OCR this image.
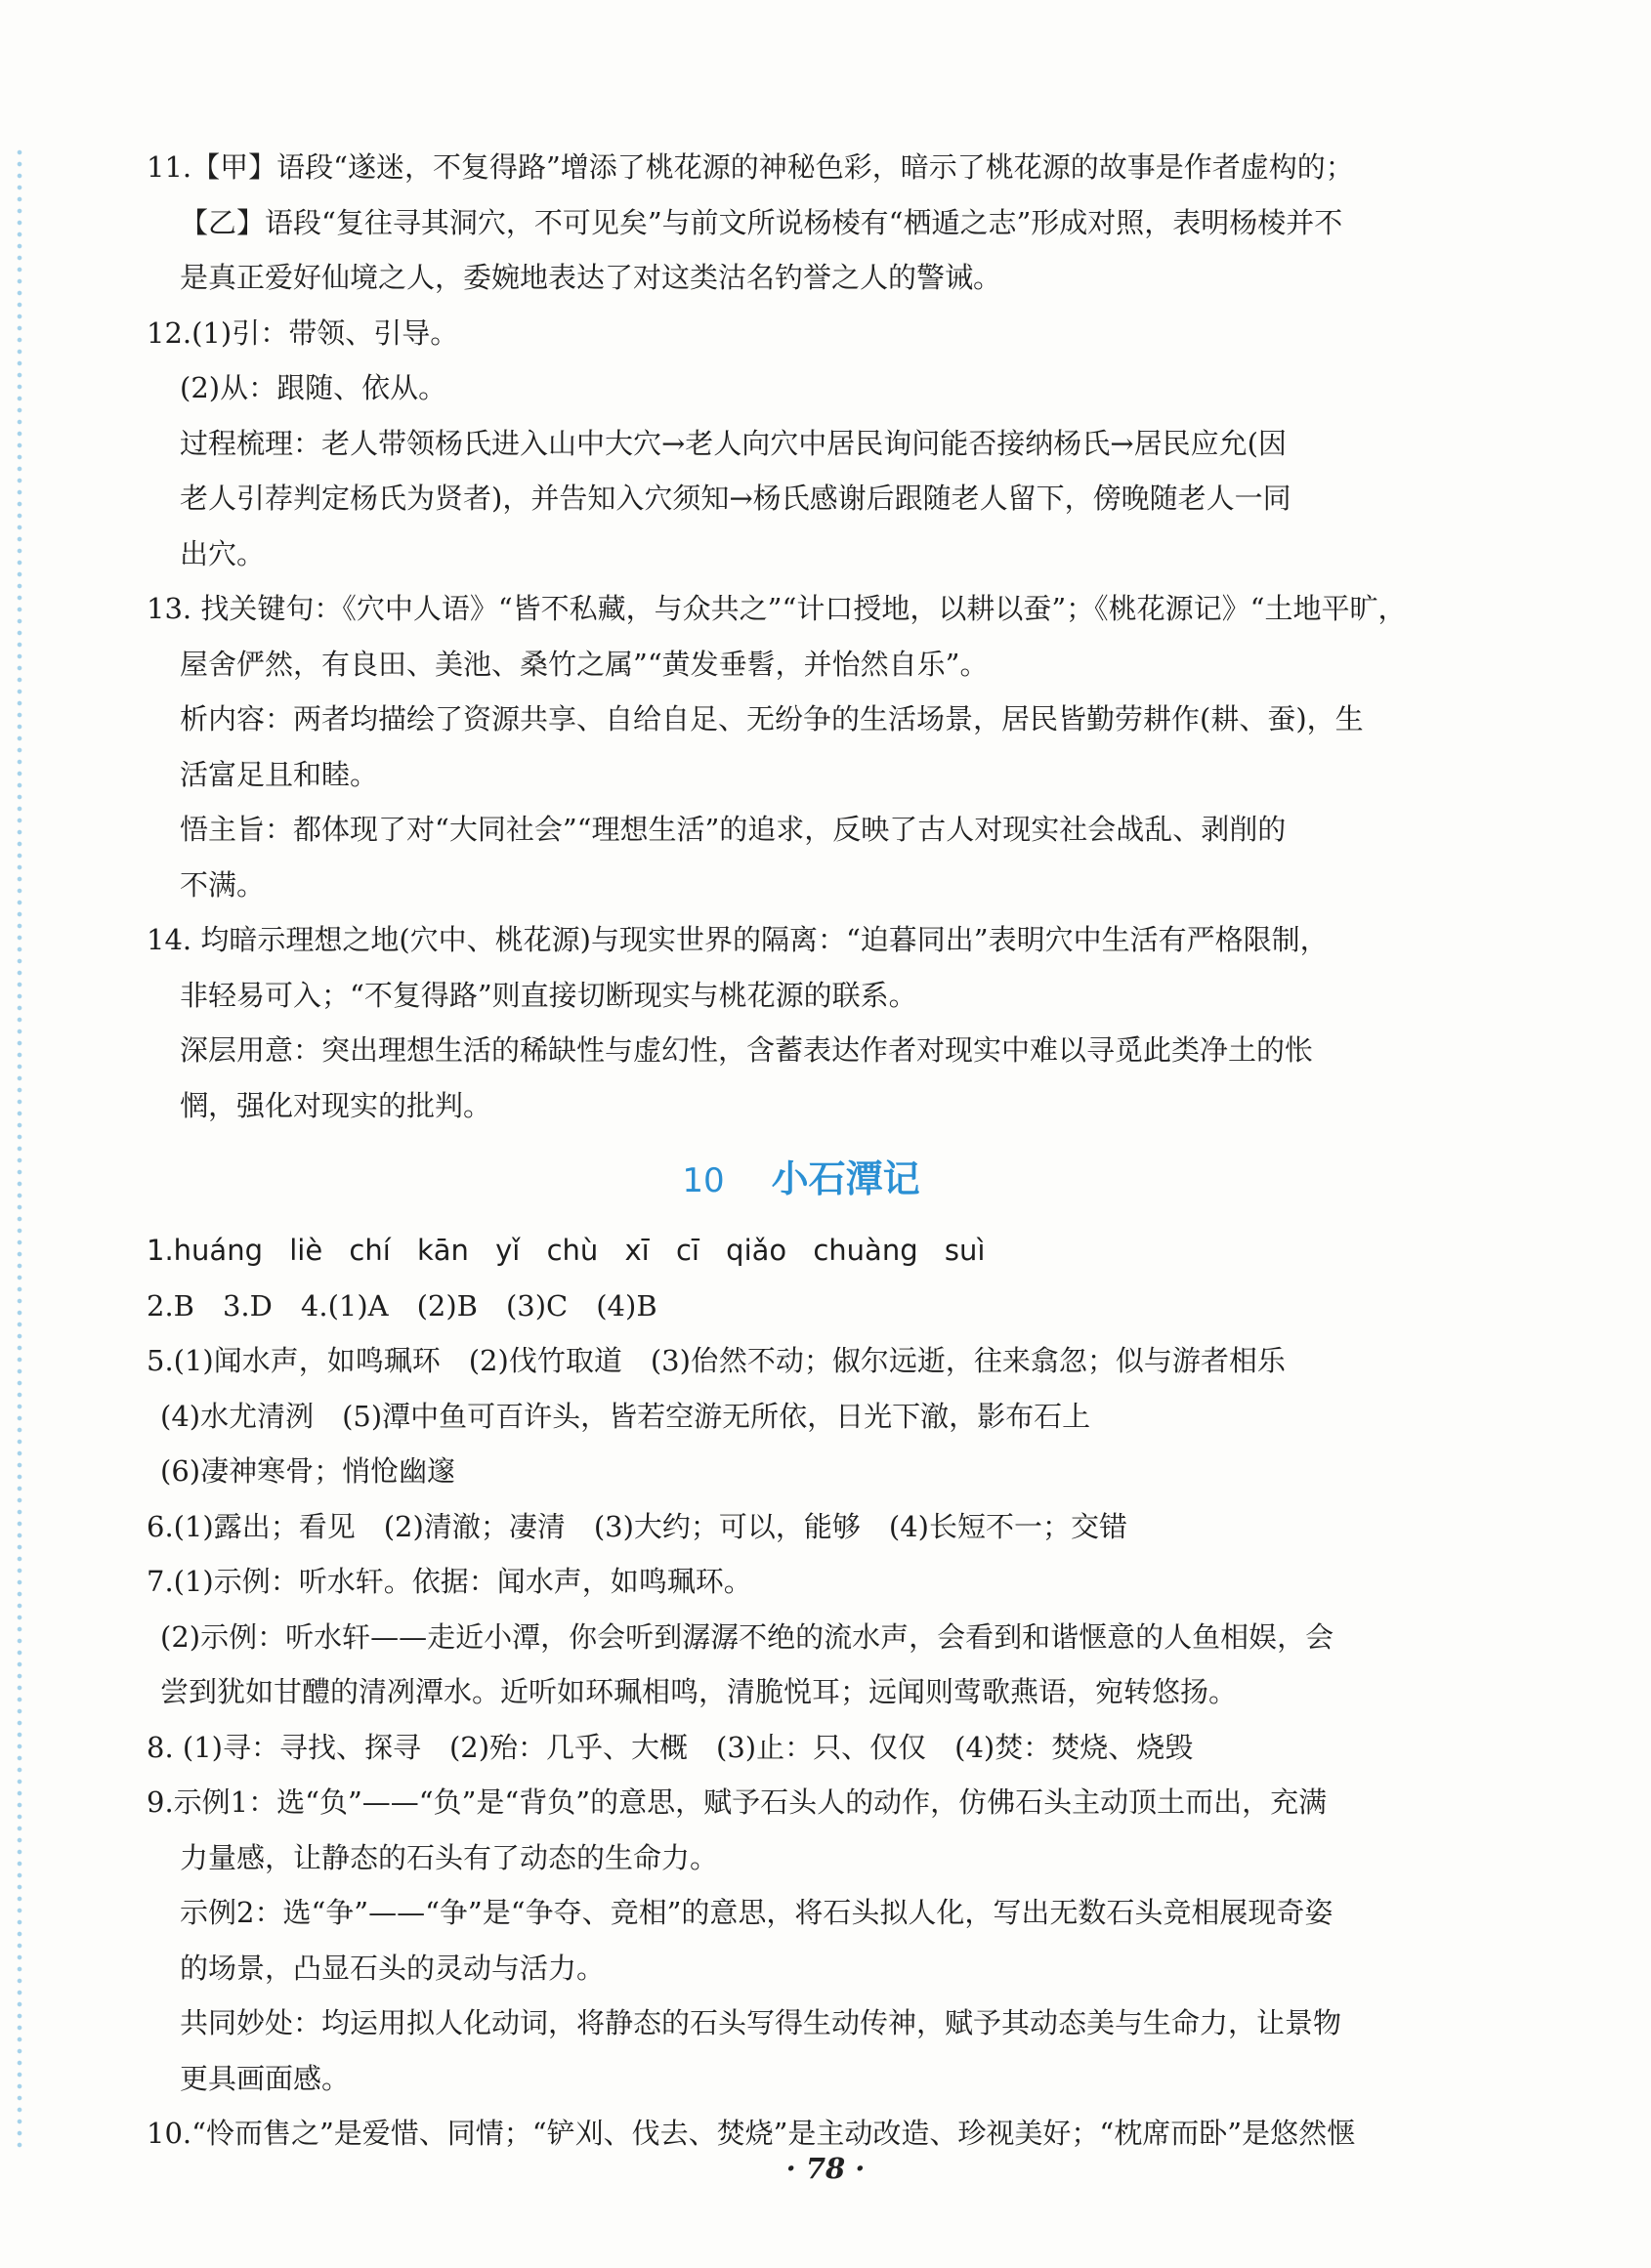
11.【甲】语段“遂迷，不复得路”增添了桃花源的神秘色彩，暗示了桃花源的故事是作者虚构的；
【乙】语段“复往寻其洞穴，不可见矣”与前文所说杨棱有“栖遁之志”形成对照，表明杨棱并不
是真正爱好仙境之人，委婉地表达了对这类沽名钓誉之人的警诫。
12.(1)引：带领、引导。
(2)从：跟随、依从。
过程梳理：老人带领杨氏进入山中大穴→老人向穴中居民询问能否接纳杨氏→居民应允(因
老人引荐判定杨氏为贤者)，并告知入穴须知→杨氏感谢后跟随老人留下，傍晚随老人一同
出穴。
13. 找关键句：《穴中人语》“皆不私藏，与众共之”“计口授地，以耕以蚕”；《桃花源记》“土地平旷，
屋舍俨然，有良田、美池、桑竹之属”“黄发垂髫，并怡然自乐”。
析内容：两者均描绘了资源共享、自给自足、无纷争的生活场景，居民皆勤劳耕作(耕、蚕)，生
活富足且和睦。
悟主旨：都体现了对“大同社会”“理想生活”的追求，反映了古人对现实社会战乱、剥削的
不满。
14. 均暗示理想之地(穴中、桃花源)与现实世界的隔离：“迫暮同出”表明穴中生活有严格限制，
非轻易可入；“不复得路”则直接切断现实与桃花源的联系。
深层用意：突出理想生活的稀缺性与虚幻性，含蓄表达作者对现实中难以寻觅此类净土的怅
惘，强化对现实的批判。
10 小石潭记
1.huáng liè chí kān yǐ chù xī cī qiǎo chuàng suì
2.B　3.D　4.(1)A　(2)B　(3)C　(4)B
5.(1)闻水声，如鸣珮环　(2)伐竹取道　(3)佁然不动；俶尔远逝，往来翕忽；似与游者相乐
(4)水尤清洌　(5)潭中鱼可百许头，皆若空游无所依，日光下澈，影布石上
(6)凄神寒骨；悄怆幽邃
6.(1)露出；看见　(2)清澈；凄清　(3)大约；可以，能够　(4)长短不一；交错
7.(1)示例：听水轩。依据：闻水声，如鸣珮环。
(2)示例：听水轩——走近小潭，你会听到潺潺不绝的流水声，会看到和谐惬意的人鱼相娱，会
尝到犹如甘醴的清冽潭水。近听如环珮相鸣，清脆悦耳；远闻则莺歌燕语，宛转悠扬。
8. (1)寻：寻找、探寻　(2)殆：几乎、大概　(3)止：只、仅仅　(4)焚：焚烧、烧毁
9.示例1：选“负”——“负”是“背负”的意思，赋予石头人的动作，仿佛石头主动顶土而出，充满
力量感，让静态的石头有了动态的生命力。
示例2：选“争”——“争”是“争夺、竞相”的意思，将石头拟人化，写出无数石头竞相展现奇姿
的场景，凸显石头的灵动与活力。
共同妙处：均运用拟人化动词，将静态的石头写得生动传神，赋予其动态美与生命力，让景物
更具画面感。
10.“怜而售之”是爱惜、同情；“铲刈、伐去、焚烧”是主动改造、珍视美好；“枕席而卧”是悠然惬
· 78 ·
